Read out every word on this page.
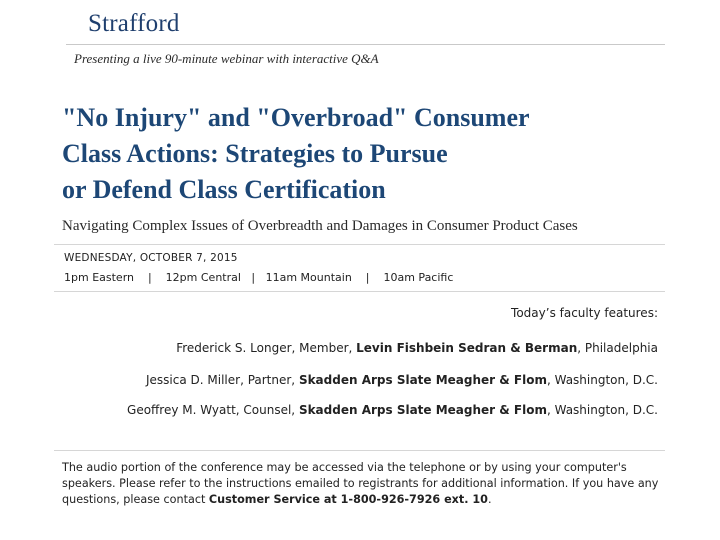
Strafford
Presenting a live 90-minute webinar with interactive Q&A
"No Injury" and "Overbroad" Consumer
Class Actions: Strategies to Pursue
or Defend Class Certification
Navigating Complex Issues of Overbreadth and Damages in Consumer Product Cases
WEDNESDAY, OCTOBER 7, 2015
1pm Eastern    |    12pm Central   |   11am Mountain    |    10am Pacific
Today’s faculty features:
Frederick S. Longer, Member, Levin Fishbein Sedran & Berman, Philadelphia
Jessica D. Miller, Partner, Skadden Arps Slate Meagher & Flom, Washington, D.C.
Geoffrey M. Wyatt, Counsel, Skadden Arps Slate Meagher & Flom, Washington, D.C.
The audio portion of the conference may be accessed via the telephone or by using your computer's speakers. Please refer to the instructions emailed to registrants for additional information. If you have any questions, please contact Customer Service at 1-800-926-7926 ext. 10.
